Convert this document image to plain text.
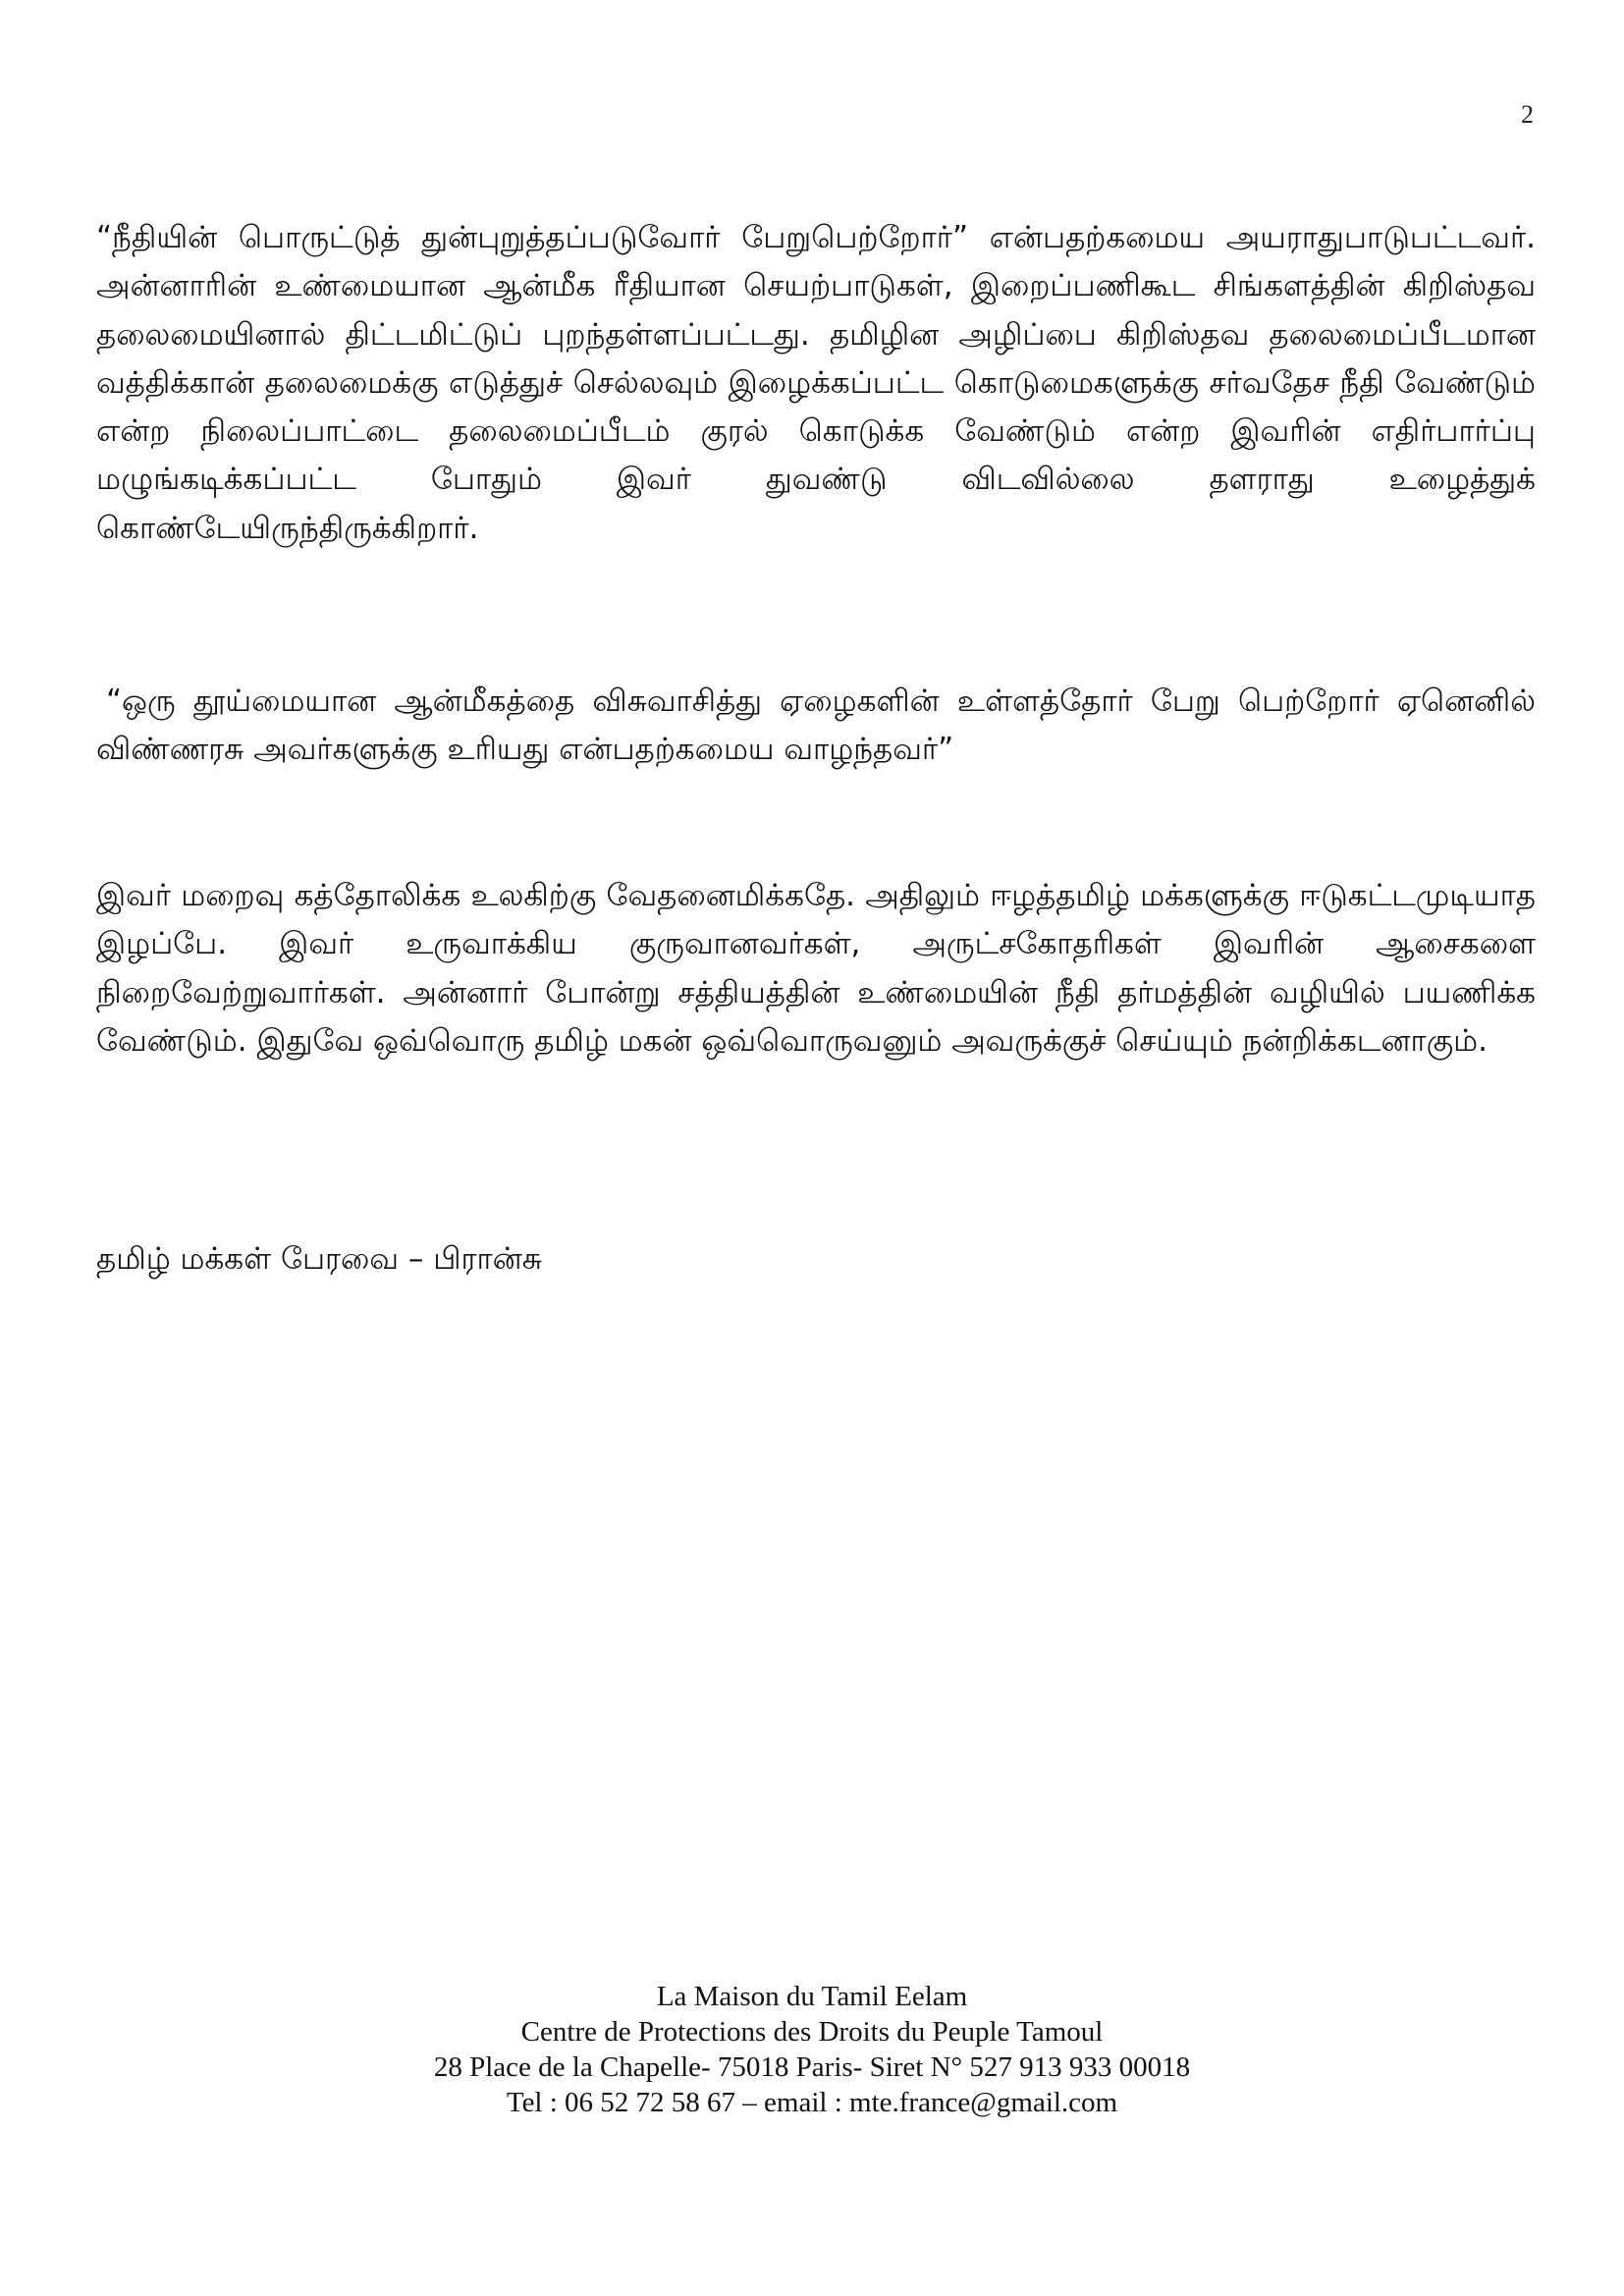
2

“நீதியின் பொருட்டுத் துன்புறுத்தப்படுவோர் பேறுபெற்றோர்” என்பதற்கமைய அயராதுபாடுபட்டவர். அன்னாரின் உண்மையான ஆன்மீக ரீதியான செயற்பாடுகள், இறைப்பணிகூட சிங்களத்தின் கிறிஸ்தவ தலைமையினால் திட்டமிட்டுப் புறந்தள்ளப்பட்டது. தமிழின அழிப்பை கிறிஸ்தவ தலைமைப்பீடமான வத்திக்கான் தலைமைக்கு எடுத்துச் செல்லவும் இழைக்கப்பட்ட கொடுமைகளுக்கு சர்வதேச நீதி வேண்டும் என்ற நிலைப்பாட்டை தலைமைப்பீடம் குரல் கொடுக்க வேண்டும் என்ற இவரின் எதிர்பார்ப்பு மழுங்கடிக்கப்பட்ட போதும் இவர் துவண்டு விடவில்லை தளராது உழைத்துக் கொண்டேயிருந்திருக்கிறார்.

“ஒரு தூய்மையான ஆன்மீகத்தை விசுவாசித்து ஏழைகளின் உள்ளத்தோர் பேறு பெற்றோர் ஏனெனில் விண்ணரசு அவர்களுக்கு உரியது என்பதற்கமைய வாழந்தவர்”

இவர் மறைவு கத்தோலிக்க உலகிற்கு வேதனைமிக்கதே. அதிலும் ஈழத்தமிழ் மக்களுக்கு ஈடுகட்டமுடியாத இழப்பே. இவர் உருவாக்கிய குருவானவர்கள், அருட்சகோதரிகள் இவரின் ஆசைகளை நிறைவேற்றுவார்கள். அன்னார் போன்று சத்தியத்தின் உண்மையின் நீதி தர்மத்தின் வழியில் பயணிக்க வேண்டும். இதுவே ஒவ்வொரு தமிழ் மகன் ஒவ்வொருவனும் அவருக்குச் செய்யும் நன்றிக்கடனாகும்.

தமிழ் மக்கள் பேரவை – பிரான்சு

La Maison du Tamil Eelam
Centre de Protections des Droits du Peuple Tamoul
28 Place de la Chapelle- 75018 Paris- Siret N° 527 913 933 00018
Tel : 06 52 72 58 67 – email : mte.france@gmail.com
